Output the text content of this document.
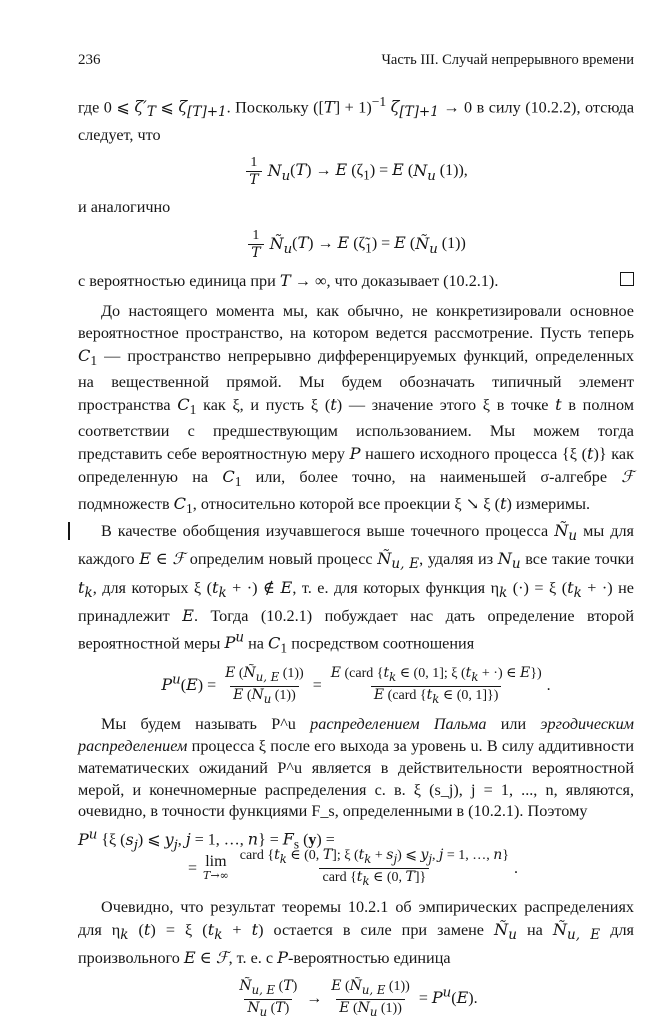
236	Часть III. Случай непрерывного времени

где 0 ⩽ $\zeta'_T$ ⩽ $\zeta_{[T]+1}$. Поскольку $([T] + 1)^{-1}$ $\zeta_{[T]+1} \to 0$ в силу (10.2.2), отсюда следует, что

$\frac{1}{T} N_u(T) \to E$ $(\zeta_1) = E$ ($N_u$ (1)),

и аналогично

$\frac{1}{T}$ $Ñ_u(T) \to E$ $(\zetã_1) = E$ ($Ñ_u$ (1))

с вероятностью единица при T → ∞, что доказывает (10.2.1).

До настоящего момента мы, как обычно, не конкретизировали основное вероятностное пространство, на котором ведется рассмотрение. Пусть теперь $C_1$ — пространство непрерывно дифференцируемых функций, определенных на вещественной прямой. Мы будем обозначать типичный элемент пространства $C_1$ как ξ, и пусть ξ (t) — значение этого ξ в точке t в полном соответствии с предшествующим использованием. Мы можем тогда представить себе вероятностную меру P нашего исходного процесса {ξ (t)} как определенную на $C_1$ или, более точно, на наименьшей σ-алгебре ℱ подмножеств $C_1$, относительно которой все проекции ξ ↘ ξ (t) измеримы.

В качестве обобщения изучавшегося выше точечного процесса $Ñ_u$ мы для каждого E ∈ ℱ определим новый процесс $Ñ_{u, E}$, удаляя из $N_u$ все такие точки $t_k$, для которых ξ ($t_k$ + ·) ∉ E, т. е. для которых функция $\eta_k$ (·) = ξ ($t_k$ + ·) не принадлежит E. Тогда (10.2.1) побуждает нас дать определение второй вероятностной меры $P^u$ на $C_1$ посредством соотношения

$P^u(E) = \frac{E (Ñ_{u, E} (1))}{E (N_u (1))} = \frac{E (card \{t_k \in (0, 1]; \xi (t_k + \cdot) \in E\})}{E (card \{t_k \in (0, 1]\})}$ .

Мы будем называть P^u распределением Пальма или эргодическим распределением процесса ξ после его выхода за уровень u. В силу аддитивности математических ожиданий P^u является в действительности вероятностной мерой, и конечномерные распределения с. в. ξ (s_j), j = 1, ..., n, являются, очевидно, в точности функциями F_s, определенными в (10.2.1). Поэтому

$P^u$ {ξ $(s_j)$ ⩽ $y_j$, j = 1, …, $n\} = F_s$ (y) =
= lim
$T\to\infty \frac{card \{t_k \in (0, T]; \xi (t_k + s_j) ⩽ y_j, j = 1, \dots, n\}}{card \{t_k \in (0, T]\}}$ .

Очевидно, что результат теоремы 10.2.1 об эмпирических распределениях для $\eta_k$ (t) = ξ $(t_k + t)$ остается в силе при замене $Ñ_u$ на $Ñ_{u, E}$ для произвольного E ∈ ℱ, т. е. с P-вероятностью единица

$\frac{Ñ_{u, E} (T)}{N_u (T)} \to \frac{E (Ñ_{u, E} (1))}{E (N_u (1))} = P^u(E)$.
